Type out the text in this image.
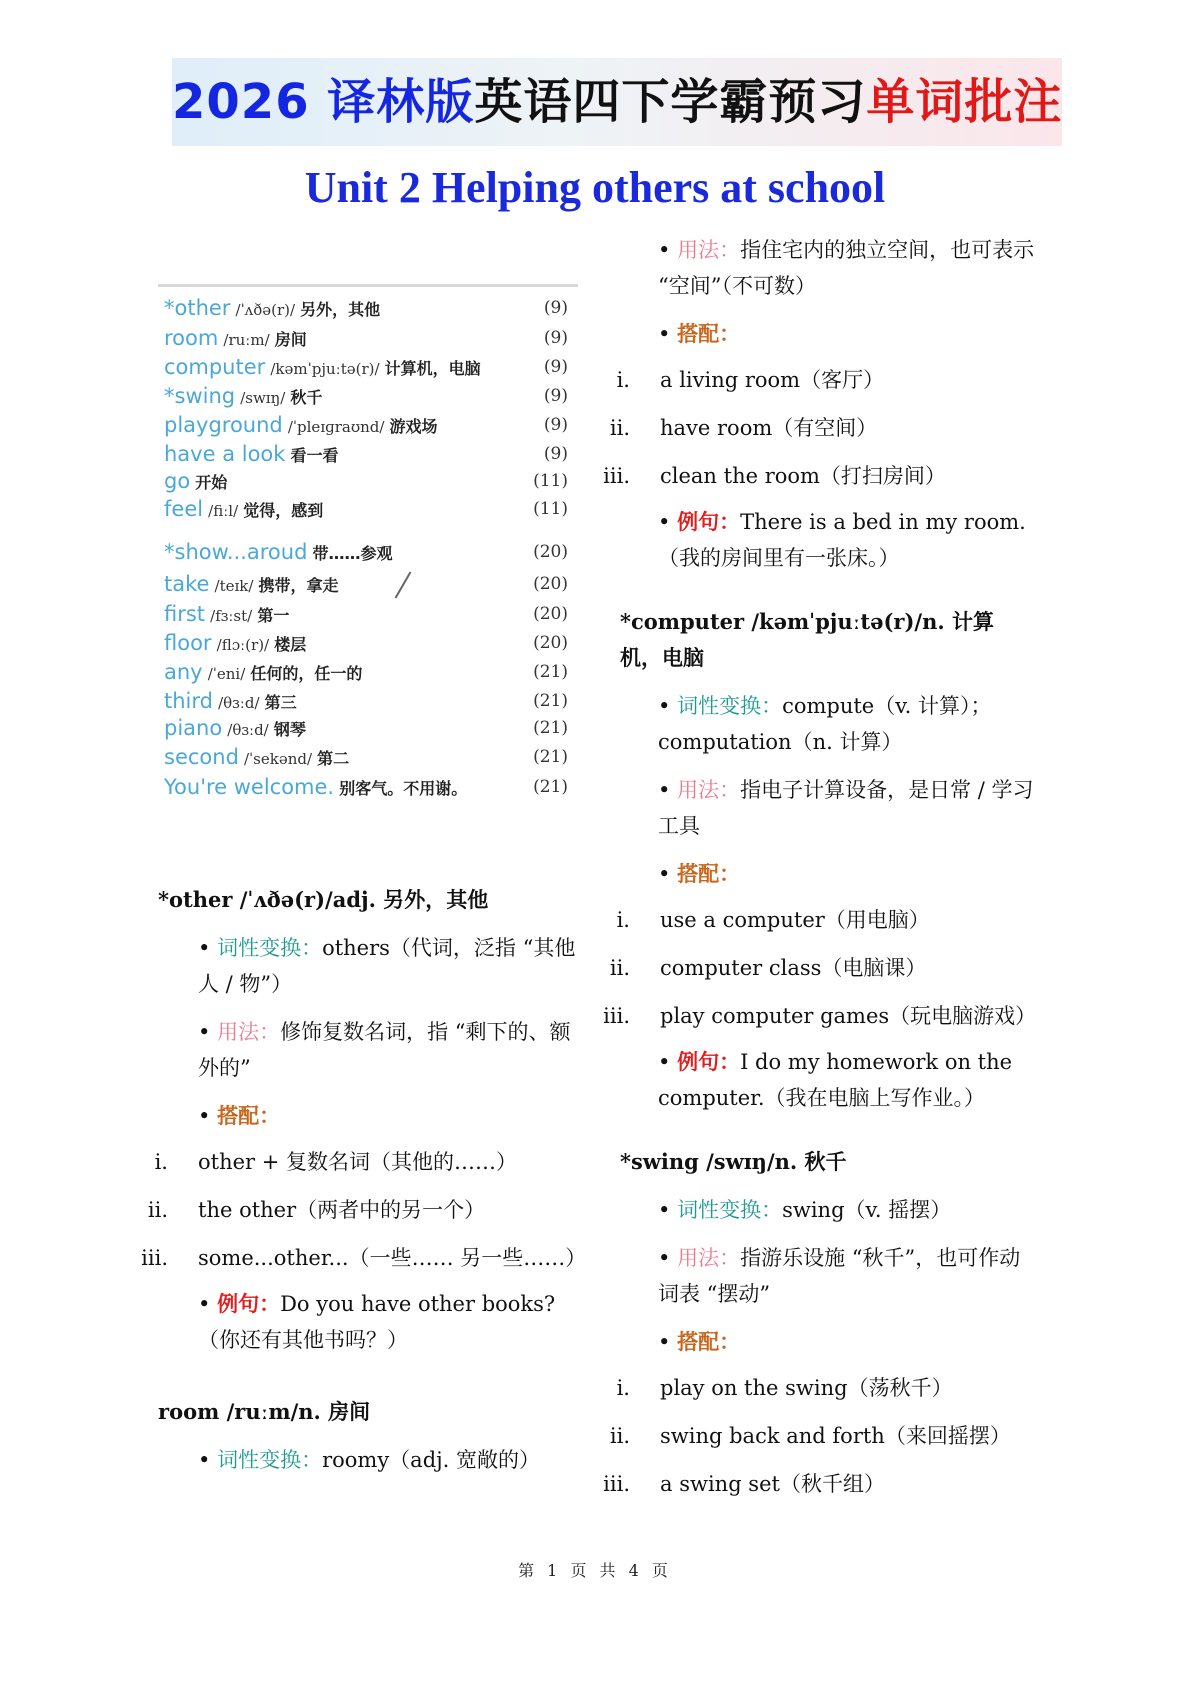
2026 译林版英语四下学霸预习单词批注
Unit 2 Helping others at school
*other /ˈʌðə(r)/ 另外，其他	(9)
room /ruːm/ 房间	(9)
computer /kəmˈpjuːtə(r)/ 计算机，电脑	(9)
*swing /swɪŋ/ 秋千	(9)
playground /ˈpleɪɡraʊnd/ 游戏场	(9)
have a look 看一看	(9)
go 开始	(11)
feel /fiːl/ 觉得，感到	(11)
*show...aroud 带……参观	(20)
take /teɪk/ 携带，拿走	(20)
first /fɜːst/ 第一	(20)
floor /flɔː(r)/ 楼层	(20)
any /ˈeni/ 任何的，任一的	(21)
third /θɜːd/ 第三	(21)
piano /θɜːd/ 钢琴	(21)
second /ˈsekənd/ 第二	(21)
You're welcome. 别客气。不用谢。	(21)
*other /ˈʌðə(r)/adj. 另外，其他
• 词性变换：others（代词，泛指 “其他人 / 物”）
• 用法：修饰复数名词，指 “剩下的、额外的”
• 搭配：
i. other + 复数名词（其他的……）
ii. the other（两者中的另一个）
iii. some...other...（一些…… 另一些……）
• 例句：Do you have other books?（你还有其他书吗？）
room /ruːm/n. 房间
• 词性变换：roomy（adj. 宽敞的）
• 用法：指住宅内的独立空间，也可表示 “空间”（不可数）
• 搭配：
i. a living room（客厅）
ii. have room（有空间）
iii. clean the room（打扫房间）
• 例句：There is a bed in my room.（我的房间里有一张床。）
*computer /kəmˈpjuːtə(r)/n. 计算机，电脑
• 词性变换：compute（v. 计算）；computation（n. 计算）
• 用法：指电子计算设备，是日常 / 学习工具
• 搭配：
i. use a computer（用电脑）
ii. computer class（电脑课）
iii. play computer games（玩电脑游戏）
• 例句：I do my homework on the computer.（我在电脑上写作业。）
*swing /swɪŋ/n. 秋千
• 词性变换：swing（v. 摇摆）
• 用法：指游乐设施 “秋千”，也可作动词表 “摆动”
• 搭配：
i. play on the swing（荡秋千）
ii. swing back and forth（来回摇摆）
iii. a swing set（秋千组）
第 1 页 共 4 页
